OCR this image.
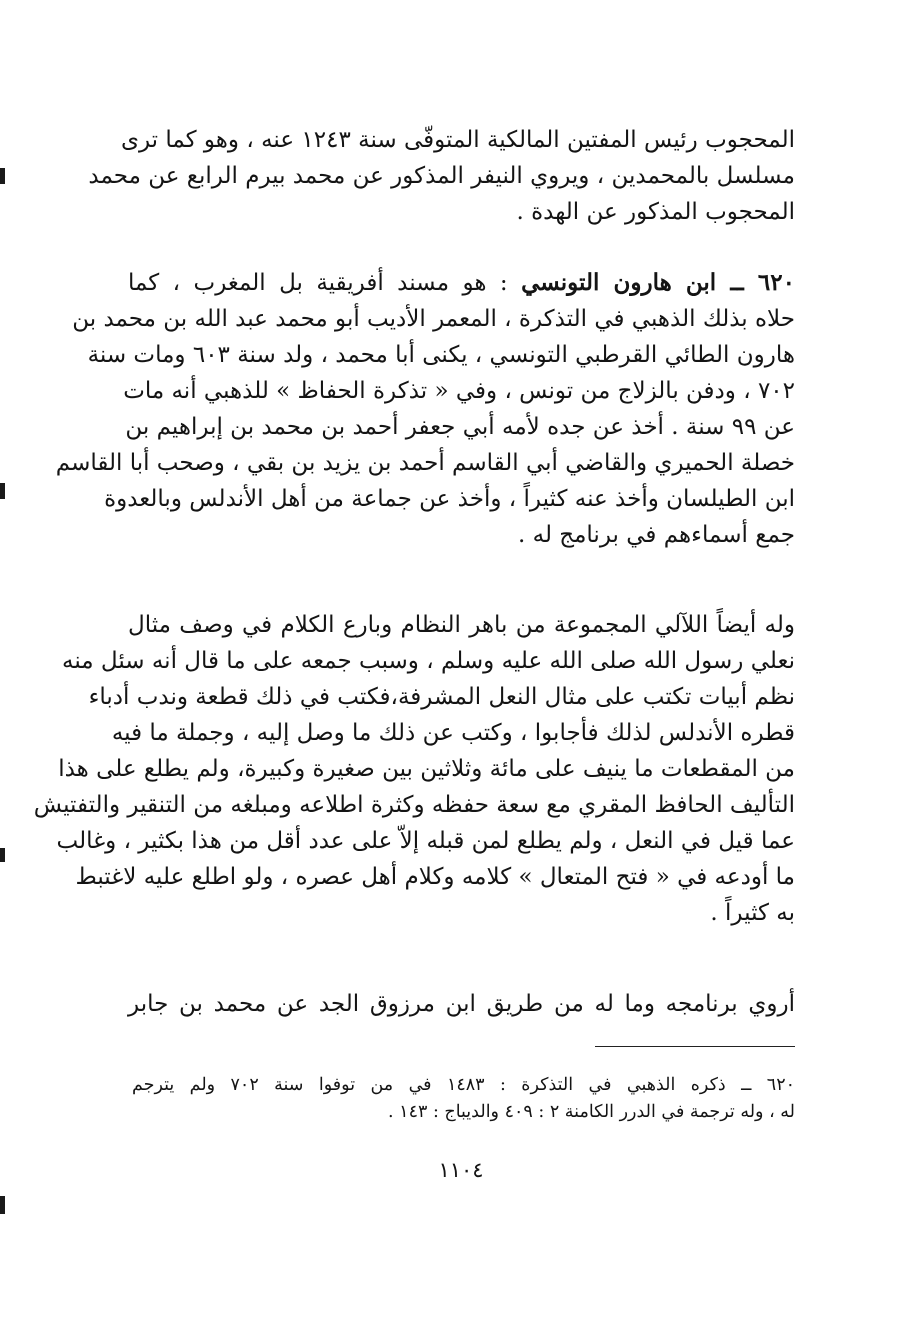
المحجوب رئيس المفتين المالكية المتوفّى سنة ١٢٤٣ عنه ، وهو كما ترى
مسلسل بالمحمدين ، ويروي النيفر المذكور عن محمد بيرم الرابع عن محمد
المحجوب المذكور عن الهدة .
٦٢٠ ــ ابن هارون التونسي : هو مسند أفريقية بل المغرب ، كما
حلاه بذلك الذهبي في التذكرة ، المعمر الأديب أبو محمد عبد الله بن محمد بن
هارون الطائي القرطبي التونسي ، يكنى أبا محمد ، ولد سنة ٦٠٣ ومات سنة
٧٠٢ ، ودفن بالزلاج من تونس ، وفي « تذكرة الحفاظ » للذهبي أنه مات
عن ٩٩ سنة . أخذ عن جده لأمه أبي جعفر أحمد بن محمد بن إبراهيم بن
خصلة الحميري والقاضي أبي القاسم أحمد بن يزيد بن بقي ، وصحب أبا القاسم
ابن الطيلسان وأخذ عنه كثيراً ، وأخذ عن جماعة من أهل الأندلس وبالعدوة
جمع أسماءهم في برنامج له .
وله أيضاً اللآلي المجموعة من باهر النظام وبارع الكلام في وصف مثال
نعلي رسول الله صلى الله عليه وسلم ، وسبب جمعه على ما قال أنه سئل منه
نظم أبيات تكتب على مثال النعل المشرفة،فكتب في ذلك قطعة وندب أدباء
قطره الأندلس لذلك فأجابوا ، وكتب عن ذلك ما وصل إليه ، وجملة ما فيه
من المقطعات ما ينيف على مائة وثلاثين بين صغيرة وكبيرة، ولم يطلع على هذا
التأليف الحافظ المقري مع سعة حفظه وكثرة اطلاعه ومبلغه من التنقير والتفتيش
عما قيل في النعل ، ولم يطلع لمن قبله إلاّ على عدد أقل من هذا بكثير ، وغالب
ما أودعه في « فتح المتعال » كلامه وكلام أهل عصره ، ولو اطلع عليه لاغتبط
به كثيراً .
أروي برنامجه وما له من طريق ابن مرزوق الجد عن محمد بن جابر
٦٢٠ ــ ذكره الذهبي في التذكرة : ١٤٨٣ في من توفوا سنة ٧٠٢ ولم يترجم
له ، وله ترجمة في الدرر الكامنة ٢ : ٤٠٩ والديباج : ١٤٣ .
١١٠٤
